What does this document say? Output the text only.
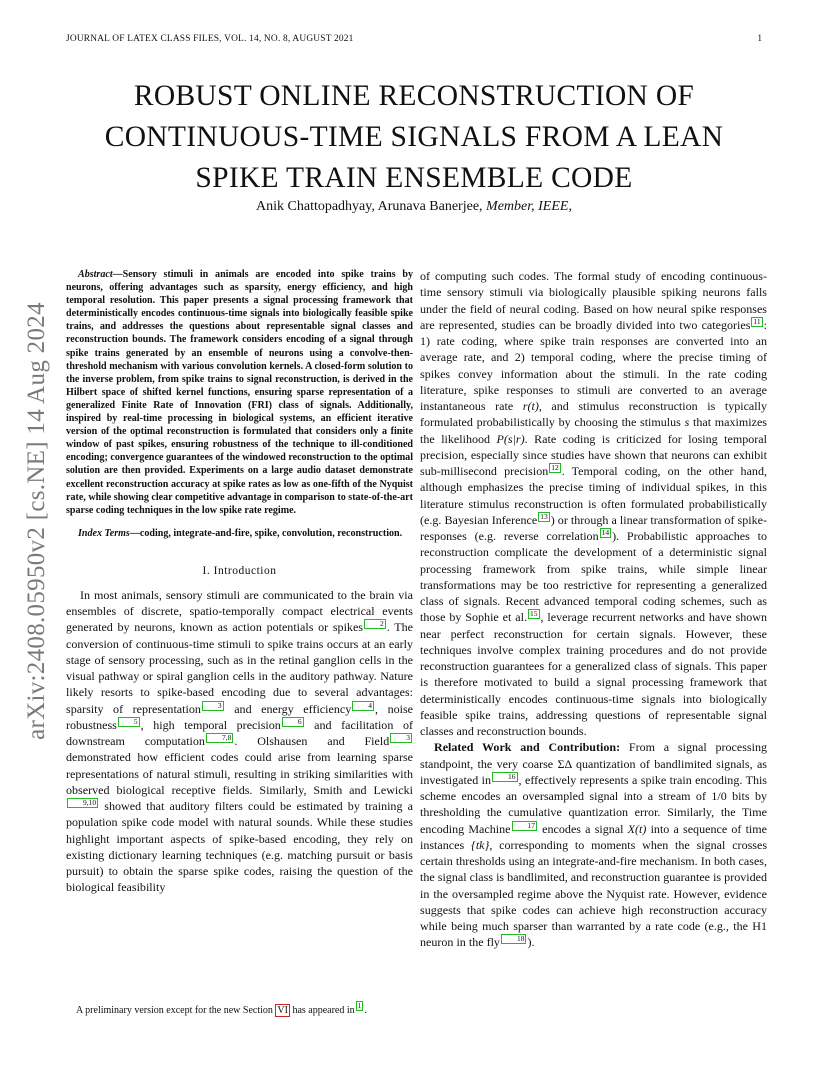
JOURNAL OF LATEX CLASS FILES, VOL. 14, NO. 8, AUGUST 2021	1
arXiv:2408.05950v2 [cs.NE] 14 Aug 2024
ROBUST ONLINE RECONSTRUCTION OF
CONTINUOUS-TIME SIGNALS FROM A LEAN
SPIKE TRAIN ENSEMBLE CODE
Anik Chattopadhyay, Arunava Banerjee, Member, IEEE,

Abstract—Sensory stimuli in animals are encoded into spike trains by neurons, offering advantages such as sparsity, energy efficiency, and high temporal resolution. This paper presents a signal processing framework that deterministically encodes continuous-time signals into biologically feasible spike trains, and addresses the questions about representable signal classes and reconstruction bounds. The framework considers encoding of a signal through spike trains generated by an ensemble of neurons using a convolve-then-threshold mechanism with various convolution kernels. A closed-form solution to the inverse problem, from spike trains to signal reconstruction, is derived in the Hilbert space of shifted kernel functions, ensuring sparse representation of a generalized Finite Rate of Innovation (FRI) class of signals. Additionally, inspired by real-time processing in biological systems, an efficient iterative version of the optimal reconstruction is formulated that considers only a finite window of past spikes, ensuring robustness of the technique to ill-conditioned encoding; convergence guarantees of the windowed reconstruction to the optimal solution are then provided. Experiments on a large audio dataset demonstrate excellent reconstruction accuracy at spike rates as low as one-fifth of the Nyquist rate, while showing clear competitive advantage in comparison to state-of-the-art sparse coding techniques in the low spike rate regime.

Index Terms—coding, integrate-and-fire, spike, convolution, reconstruction.

I. Introduction

In most animals, sensory stimuli are communicated to the brain via ensembles of discrete, spatio-temporally compact electrical events generated by neurons, known as action potentials or spikes 2 . The conversion of continuous-time stimuli to spike trains occurs at an early stage of sensory processing, such as in the retinal ganglion cells in the visual pathway or spiral ganglion cells in the auditory pathway. Nature likely resorts to spike-based encoding due to several advantages: sparsity of representation 3 and energy efficiency 4 , noise robustness 5 , high temporal precision 6 and facilitation of downstream computation 7,8 . Olshausen and Field 3 demonstrated how efficient codes could arise from learning sparse representations of natural stimuli, resulting in striking similarities with observed biological receptive fields. Similarly, Smith and Lewicki9,10 showed that auditory filters could be estimated by training a population spike code model with natural sounds. While these studies highlight important aspects of spike-based encoding, they rely on existing dictionary learning techniques (e.g. matching pursuit or basis pursuit) to obtain the sparse spike codes, raising the question of the biological feasibility

of computing such codes. The formal study of encoding continuous-time sensory stimuli via biologically plausible spiking neurons falls under the field of neural coding. Based on how neural spike responses are represented, studies can be broadly divided into two categories 11 : 1) rate coding, where spike train responses are converted into an average rate, and 2) temporal coding, where the precise timing of spikes convey information about the stimuli. In the rate coding literature, spike responses to stimuli are converted to an average instantaneous rate r(t), and stimulus reconstruction is typically formulated probabilistically by choosing the stimulus s that maximizes the likelihood P(s|r). Rate coding is criticized for losing temporal precision, especially since studies have shown that neurons can exhibit sub-millisecond precision 12 . Temporal coding, on the other hand, although emphasizes the precise timing of individual spikes, in this literature stimulus reconstruction is often formulated probabilistically (e.g. Bayesian Inference 13 ) or through a linear transformation of spike-responses (e.g. reverse correlation 14 ). Probabilistic approaches to reconstruction complicate the development of a deterministic signal processing framework from spike trains, while simple linear transformations may be too restrictive for representing a generalized class of signals. Recent advanced temporal coding schemes, such as those by Sophie et al. 15 , leverage recurrent networks and have shown near perfect reconstruction for certain signals. However, these techniques involve complex training procedures and do not provide reconstruction guarantees for a generalized class of signals. This paper is therefore motivated to build a signal processing framework that deterministically encodes continuous-time signals into biologically feasible spike trains, addressing questions of representable signal classes and reconstruction bounds.

Related Work and Contribution: From a signal processing standpoint, the very coarse ΣΔ quantization of bandlimited signals, as investigated in 16 , effectively represents a spike train encoding. This scheme encodes an oversampled signal into a stream of 1/0 bits by thresholding the cumulative quantization error. Similarly, the Time encoding Machine 17 encodes a signal X(t) into a sequence of time instances {tk}, corresponding to moments when the signal crosses certain thresholds using an integrate-and-fire mechanism. In both cases, the signal class is bandlimited, and reconstruction guarantee is provided in the oversampled regime above the Nyquist rate. However, evidence suggests that spike codes can achieve high reconstruction accuracy while being much sparser than warranted by a rate code (e.g., the H1 neuron in the fly 18 ).

A preliminary version except for the new Section VI has appeared in 1 .
